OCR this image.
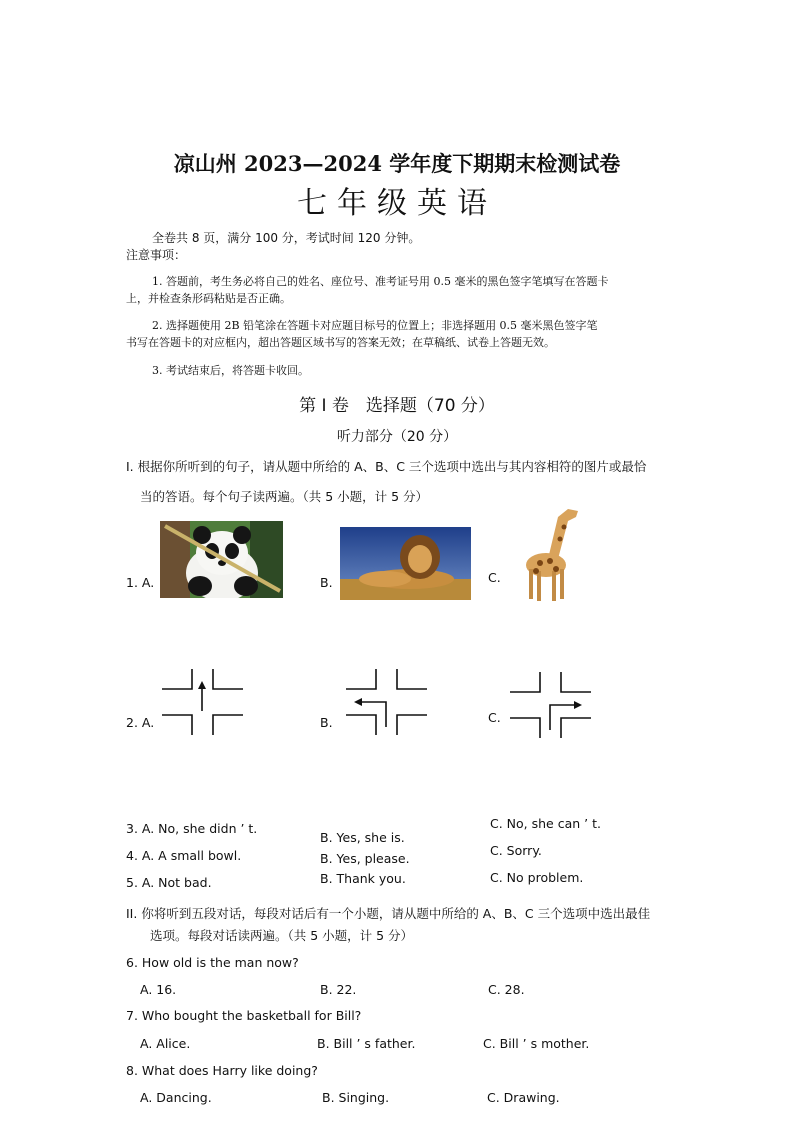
凉山州 2023—2024 学年度下期期末检测试卷
七年级英语
全卷共 8 页，满分 100 分，考试时间 120 分钟。
注意事项：
1. 答题前，考生务必将自己的姓名、座位号、准考证号用 0.5 毫米的黑色签字笔填写在答题卡
上，并检查条形码粘贴是否正确。
2. 选择题使用 2B 铅笔涂在答题卡对应题目标号的位置上；非选择题用 0.5 毫米黑色签字笔
书写在答题卡的对应框内，超出答题区域书写的答案无效；在草稿纸、试卷上答题无效。
3. 考试结束后，将答题卡收回。
第 I 卷　选择题（70 分）
听力部分（20 分）
I. 根据你所听到的句子，请从题中所给的 A、B、C 三个选项中选出与其内容相符的图片或最恰
当的答语。每个句子读两遍。（共 5 小题，计 5 分）
1. A.	B.	C.
2. A.	B.	C.
3. A. No, she didn ’ t.
B. Yes, she is.
C. No, she can ’ t.
4. A. A small bowl.	B. Yes, please.
C. Sorry.
5. A. Not bad.	B. Thank you.	C. No problem.
II. 你将听到五段对话，每段对话后有一个小题，请从题中所给的 A、B、C 三个选项中选出最佳
选项。每段对话读两遍。（共 5 小题，计 5 分）
6. How old is the man now?
A. 16.	B. 22.	C. 28.
7. Who bought the basketball for Bill?
A. Alice.	B. Bill ’ s father.	C. Bill ’ s mother.
8. What does Harry like doing?
A. Dancing.	B. Singing.	C. Drawing.
